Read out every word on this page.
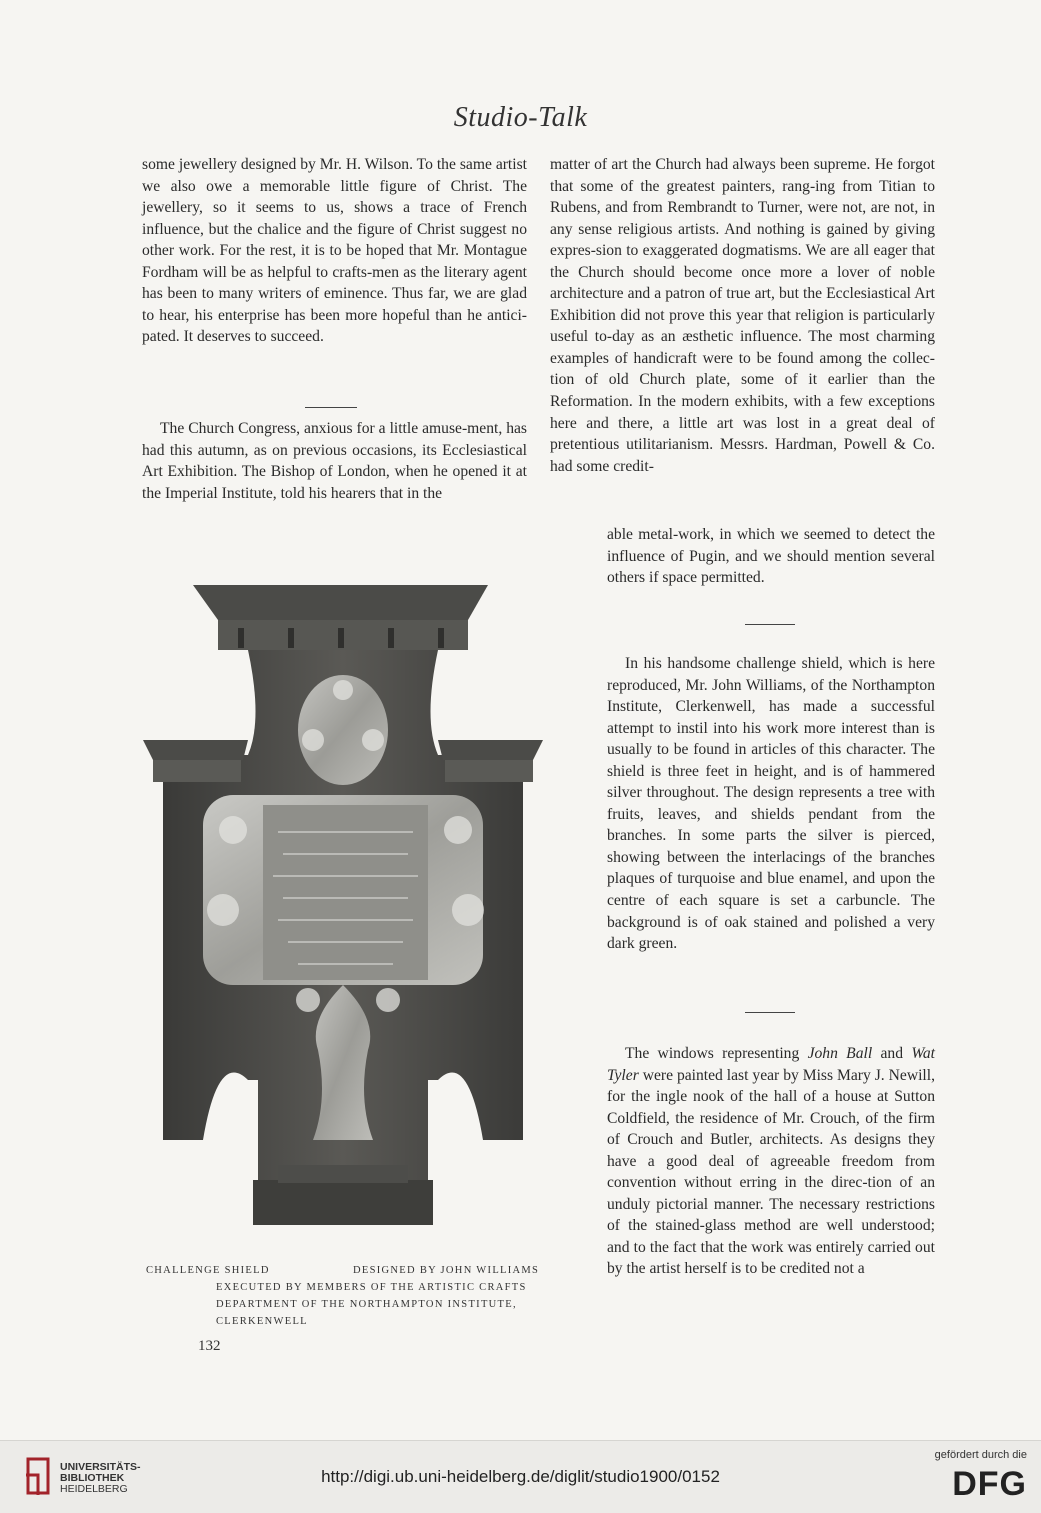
Studio-Talk

some jewellery designed by Mr. H. Wilson. To the same artist we also owe a memorable little figure of Christ. The jewellery, so it seems to us, shows a trace of French influence, but the chalice and the figure of Christ suggest no other work. For the rest, it is to be hoped that Mr. Montague Fordham will be as helpful to crafts-men as the literary agent has been to many writers of eminence. Thus far, we are glad to hear, his enterprise has been more hopeful than he antici-pated. It deserves to succeed.

The Church Congress, anxious for a little amuse-ment, has had this autumn, as on previous occasions, its Ecclesiastical Art Exhibition. The Bishop of London, when he opened it at the Imperial Institute, told his hearers that in the

matter of art the Church had always been supreme. He forgot that some of the greatest painters, rang-ing from Titian to Rubens, and from Rembrandt to Turner, were not, are not, in any sense religious artists. And nothing is gained by giving expres-sion to exaggerated dogmatisms. We are all eager that the Church should become once more a lover of noble architecture and a patron of true art, but the Ecclesiastical Art Exhibition did not prove this year that religion is particularly useful to-day as an æsthetic influence. The most charming examples of handicraft were to be found among the collec-tion of old Church plate, some of it earlier than the Reformation. In the modern exhibits, with a few exceptions here and there, a little art was lost in a great deal of pretentious utilitarianism. Messrs. Hardman, Powell & Co. had some credit-

able metal-work, in which we seemed to detect the influence of Pugin, and we should mention several others if space permitted.

In his handsome challenge shield, which is here reproduced, Mr. John Williams, of the Northampton Institute, Clerkenwell, has made a successful attempt to instil into his work more interest than is usually to be found in articles of this character. The shield is three feet in height, and is of hammered silver throughout. The design represents a tree with fruits, leaves, and shields pendant from the branches. In some parts the silver is pierced, showing between the interlacings of the branches plaques of turquoise and blue enamel, and upon the centre of each square is set a carbuncle. The background is of oak stained and polished a very dark green.

The windows representing John Ball and Wat Tyler were painted last year by Miss Mary J. Newill, for the ingle nook of the hall of a house at Sutton Coldfield, the residence of Mr. Crouch, of the firm of Crouch and Butler, architects. As designs they have a good deal of agreeable freedom from convention without erring in the direc-tion of an unduly pictorial manner. The necessary restrictions of the stained-glass method are well understood; and to the fact that the work was entirely carried out by the artist herself is to be credited not a

CHALLENGE SHIELD	DESIGNED BY JOHN WILLIAMS
EXECUTED BY MEMBERS OF THE ARTISTIC CRAFTS
DEPARTMENT OF THE NORTHAMPTON INSTITUTE,
CLERKENWELL
132
UNIVERSITÄTS-
BIBLIOTHEK
HEIDELBERG
http://digi.ub.uni-heidelberg.de/diglit/studio1900/0152
gefördert durch die
DFG
